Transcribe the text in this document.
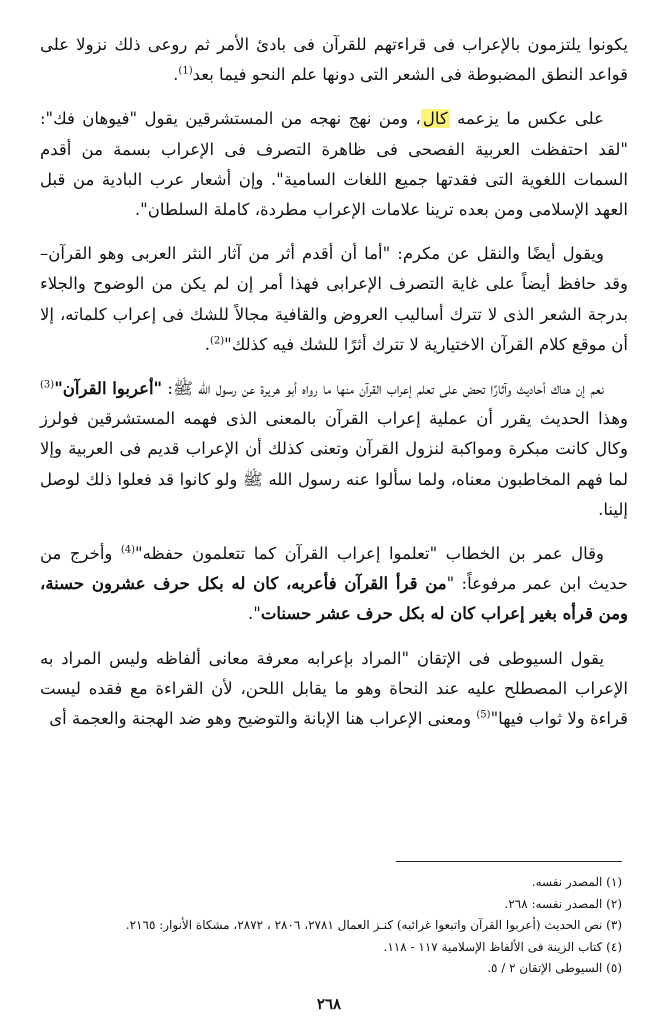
يكونوا يلتزمون بالإعراب فى قراءتهم للقرآن فى بادئ الأمر ثم روعى ذلك نزولا على قواعد النطق المضبوطة فى الشعر التى دونها علم النحو فيما بعد$^{(1)}$.

على عكس ما يزعمه كال، ومن نهج نهجه من المستشرقين يقول "فيوهان فك": "لقد احتفظت العربية الفصحى فى ظاهرة التصرف فى الإعراب بسمة من أقدم السمات اللغوية التى فقدتها جميع اللغات السامية". وإن أشعار عرب البادية من قبل العهد الإسلامى ومن بعده ترينا علامات الإعراب مطردة، كاملة السلطان".

ويقول أيضًا والنقل عن مكرم: "أما أن أقدم أثر من آثار النثر العربى وهو القرآن– وقد حافظ أيضاً على غاية التصرف الإعرابى فهذا أمر إن لم يكن من الوضوح والجلاء بدرجة الشعر الذى لا تترك أساليب العروض والقافية مجالاً للشك فى إعراب كلماته، إلا أن موقع كلام القرآن الاختيارية لا تترك أثرًا للشك فيه كذلك"$^{(2)}$.

نعم إن هناك أحاديث وآثارًا تحض على تعلم إعراب القرآن منها ما رواه أبو هريرة عن رسول الله ﷺ: "أعربوا القرآن"$^{(3)}$ وهذا الحديث يقرر أن عملية إعراب القرآن بالمعنى الذى فهمه المستشرقين فولرز وكال كانت مبكرة ومواكبة لنزول القرآن وتعنى كذلك أن الإعراب قديم فى العربية وإلا لما فهم المخاطبون معناه، ولما سألوا عنه رسول الله ﷺ ولو كانوا قد فعلوا ذلك لوصل إلينا.

وقال عمر بن الخطاب "تعلموا إعراب القرآن كما تتعلمون حفظه"$^{(4)}$ وأخرج من حديث ابن عمر مرفوعاً: "من قرأ القرآن فأعربه، كان له بكل حرف عشرون حسنة، ومن قرأه بغير إعراب كان له بكل حرف عشر حسنات".

يقول السيوطى فى الإتقان "المراد بإعرابه معرفة معانى ألفاظه وليس المراد به الإعراب المصطلح عليه عند النحاة وهو ما يقابل اللحن، لأن القراءة مع فقده ليست قراءة ولا ثواب فيها"$^{(5)}$ ومعنى الإعراب هنا الإبانة والتوضيح وهو ضد الهجنة والعجمة أى

(١) المصدر نفسه.

(٢) المصدر نفسه: ٢٦٨.

(٣) نص الحديث (أعربوا القرآن واتبعوا غرائبه) كنـز العمال ٢٧٨١، ٢٨٠٦ ، ٢٨٧٢، مشكاة الأنوار: ٢١٦٥.

(٤) كتاب الزينة فى الألفاظ الإسلامية ١١٧ - ١١٨.

(٥) السيوطى الإتقان ٢ / ٥.

٢٦٨
